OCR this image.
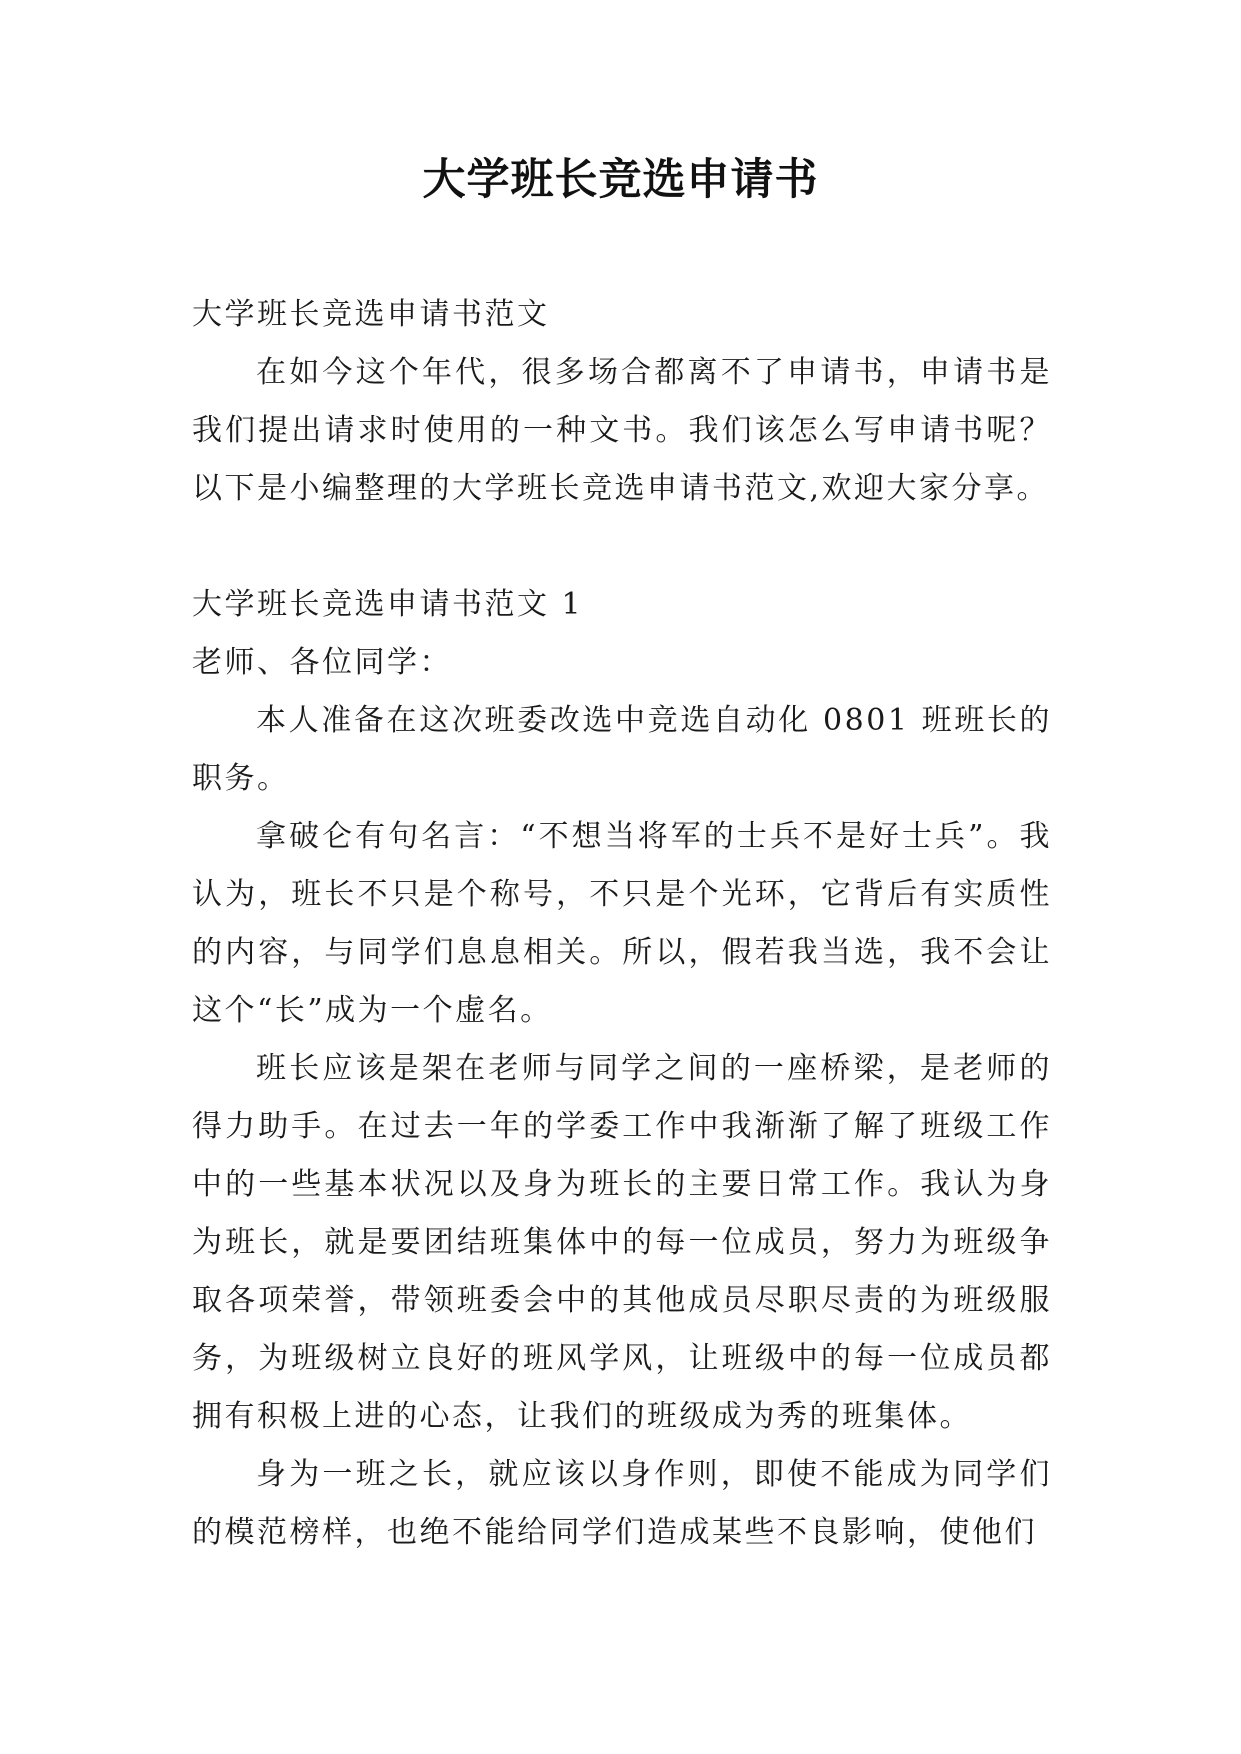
大学班长竞选申请书

大学班长竞选申请书范文

在如今这个年代，很多场合都离不了申请书，申请书是我们提出请求时使用的一种文书。我们该怎么写申请书呢？以下是小编整理的大学班长竞选申请书范文,欢迎大家分享。

大学班长竞选申请书范文 1

老师、各位同学：

本人准备在这次班委改选中竞选自动化 0801 班班长的职务。

拿破仑有句名言：“不想当将军的士兵不是好士兵”。我认为，班长不只是个称号，不只是个光环，它背后有实质性的内容，与同学们息息相关。所以，假若我当选，我不会让这个“长”成为一个虚名。

班长应该是架在老师与同学之间的一座桥梁，是老师的得力助手。在过去一年的学委工作中我渐渐了解了班级工作中的一些基本状况以及身为班长的主要日常工作。我认为身为班长，就是要团结班集体中的每一位成员，努力为班级争取各项荣誉，带领班委会中的其他成员尽职尽责的为班级服务，为班级树立良好的班风学风，让班级中的每一位成员都拥有积极上进的心态，让我们的班级成为秀的班集体。

身为一班之长，就应该以身作则，即使不能成为同学们的模范榜样，也绝不能给同学们造成某些不良影响，使他们
